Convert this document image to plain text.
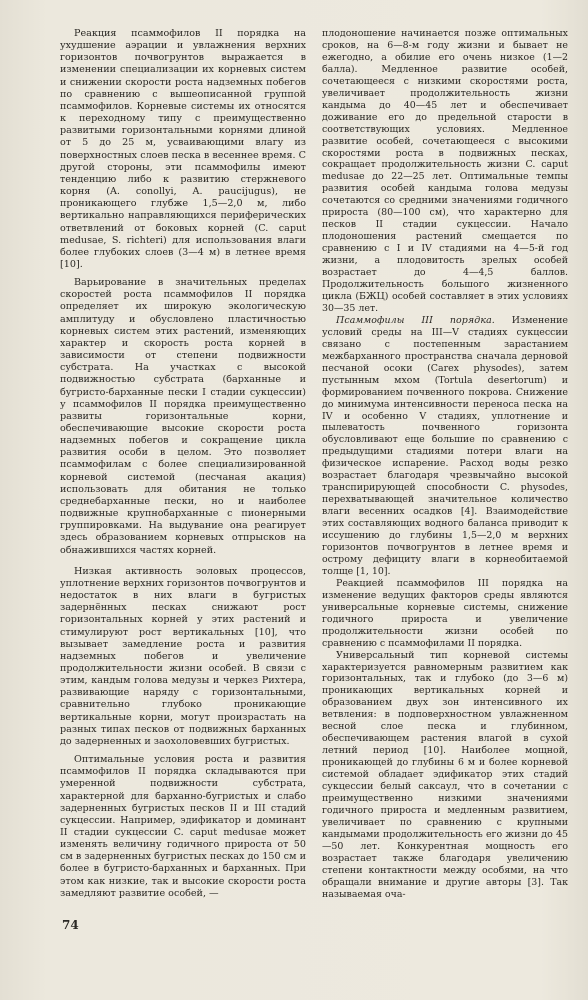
Реакция псаммофилов II порядка на ухудшение аэрации и увлажнения верхних горизонтов почвогрунтов выражается в изменении специализации их корневых систем и снижении скорости роста надземных побегов по сравнению с вышеописанной группой псаммофилов. Корневые системы их относятся к переходному типу с преимущественно развитыми горизонтальными корнями длиной от 5 до 25 м, усваивающими влагу из поверхностных слоев песка в весеннее время. С другой стороны, эти псаммофилы имеют тенденцию либо к развитию стержневого корня (A. conollyi, A. paucijugus), не проникающего глубже 1,5—2,0 м, либо вертикально направляющихся периферических ответвлений от боковых корней (C. caput medusae, S. richteri) для использования влаги более глубоких слоев (3—4 м) в летнее время [10].

Варьирование в значительных пределах скоростей роста псаммофилов II порядка определяет их широкую экологическую амплитуду и обусловлено пластичностью корневых систем этих растений, изменяющих характер и скорость роста корней в зависимости от степени подвижности субстрата. На участках с высокой подвижностью субстрата (барханные и бугристо-барханные пески I стадии сукцессии) у псаммофилов II порядка преимущественно развиты горизонтальные корни, обеспечивающие высокие скорости роста надземных побегов и сокращение цикла развития особи в целом. Это позволяет псаммофилам с более специализированной корневой системой (песчаная акация) использовать для обитания не только среднебарханные пески, но и наиболее подвижные крупнобарханные с пионерными группировками. На выдувание она реагирует здесь образованием корневых отпрысков на обнажившихся частях корней.

Низкая активность эоловых процессов, уплотнение верхних горизонтов почвогрунтов и недостаток в них влаги в бугристых задернённых песках снижают рост горизонтальных корней у этих растений и стимулируют рост вертикальных [10], что вызывает замедление роста и развития надземных побегов и увеличение продолжительности жизни особей. В связи с этим, кандым голова медузы и черкез Рихтера, развивающие наряду с горизонтальными, сравнительно глубоко проникающие вертикальные корни, могут произрастать на разных типах песков от подвижных барханных до задерненных и заохоловевших бугристых.

Оптимальные условия роста и развития псаммофилов II порядка складываются при умеренной подвижности субстрата, характерной для барханно-бугристых и слабо задерненных бугристых песков II и III стадий сукцессии. Например, эдификатор и доминант II стадии сукцессии C. caput medusae может изменять величину годичного прироста от 50 см в задерненных бугристых песках до 150 см и более в бугристо-барханных и барханных. При этом как низкие, так и высокие скорости роста замедляют развитие особей, —

плодоношение начинается позже оптимальных сроков, на 6—8-м году жизни и бывает не ежегодно, а обилие его очень низкое (1—2 балла). Медленное развитие особей, сочетающееся с низкими скоростями роста, увеличивает продолжительность жизни кандыма до 40—45 лет и обеспечивает доживание его до предельной старости в соответствующих условиях. Медленное развитие особей, сочетающееся с высокими скоростями роста в подвижных песках, сокращает продолжительность жизни C. caput medusae до 22—25 лет. Оптимальные темпы развития особей кандыма голова медузы сочетаются со средними значениями годичного прироста (80—100 см), что характерно для песков II стадии сукцессии. Начало плодоношения растений смещается по сравнению с I и IV стадиями на 4—5-й год жизни, а плодовитость зрелых особей возрастает до 4—4,5 баллов. Продолжительность большого жизненного цикла (БЖЦ) особей составляет в этих условиях 30—35 лет.

Псаммофилы III порядка. Изменение условий среды на III—V стадиях сукцессии связано с постепенным зарастанием межбарханного пространства сначала дерновой песчаной осоки (Carex physodes), затем пустынным мхом (Tortula desertorum) и формированием почвенного покрова. Снижение до минимума интенсивности переноса песка на IV и особенно V стадиях, уплотнение и пылеватость почвенного горизонта обусловливают еще большие по сравнению с предыдущими стадиями потери влаги на физическое испарение. Расход воды резко возрастает благодаря чрезвычайно высокой транспирирующей способности C. physodes, перехватывающей значительное количество влаги весенних осадков [4]. Взаимодействие этих составляющих водного баланса приводит к иссушению до глубины 1,5—2,0 м верхних горизонтов почвогрунтов в летнее время и острому дефициту влаги в корнеобитаемой толще [1, 10].

Реакцией псаммофилов III порядка на изменение ведущих факторов среды являются универсальные корневые системы, снижение годичного прироста и увеличение продолжительности жизни особей по сравнению с псаммофилами II порядка.

Универсальный тип корневой системы характеризуется равномерным развитием как горизонтальных, так и глубоко (до 3—6 м) проникающих вертикальных корней и образованием двух зон интенсивного их ветвления: в подповерхностном увлажненном весной слое песка и глубинном, обеспечивающем растения влагой в сухой летний период [10]. Наиболее мощной, проникающей до глубины 6 м и более корневой системой обладает эдификатор этих стадий сукцессии белый саксаул, что в сочетании с преимущественно низкими значениями годичного прироста и медленным развитием, увеличивает по сравнению с крупными кандымами продолжительность его жизни до 45—50 лет. Конкурентная мощность его возрастает также благодаря увеличению степени контактности между особями, на что обращали внимание и другие авторы [3]. Так называемая оча-

74
